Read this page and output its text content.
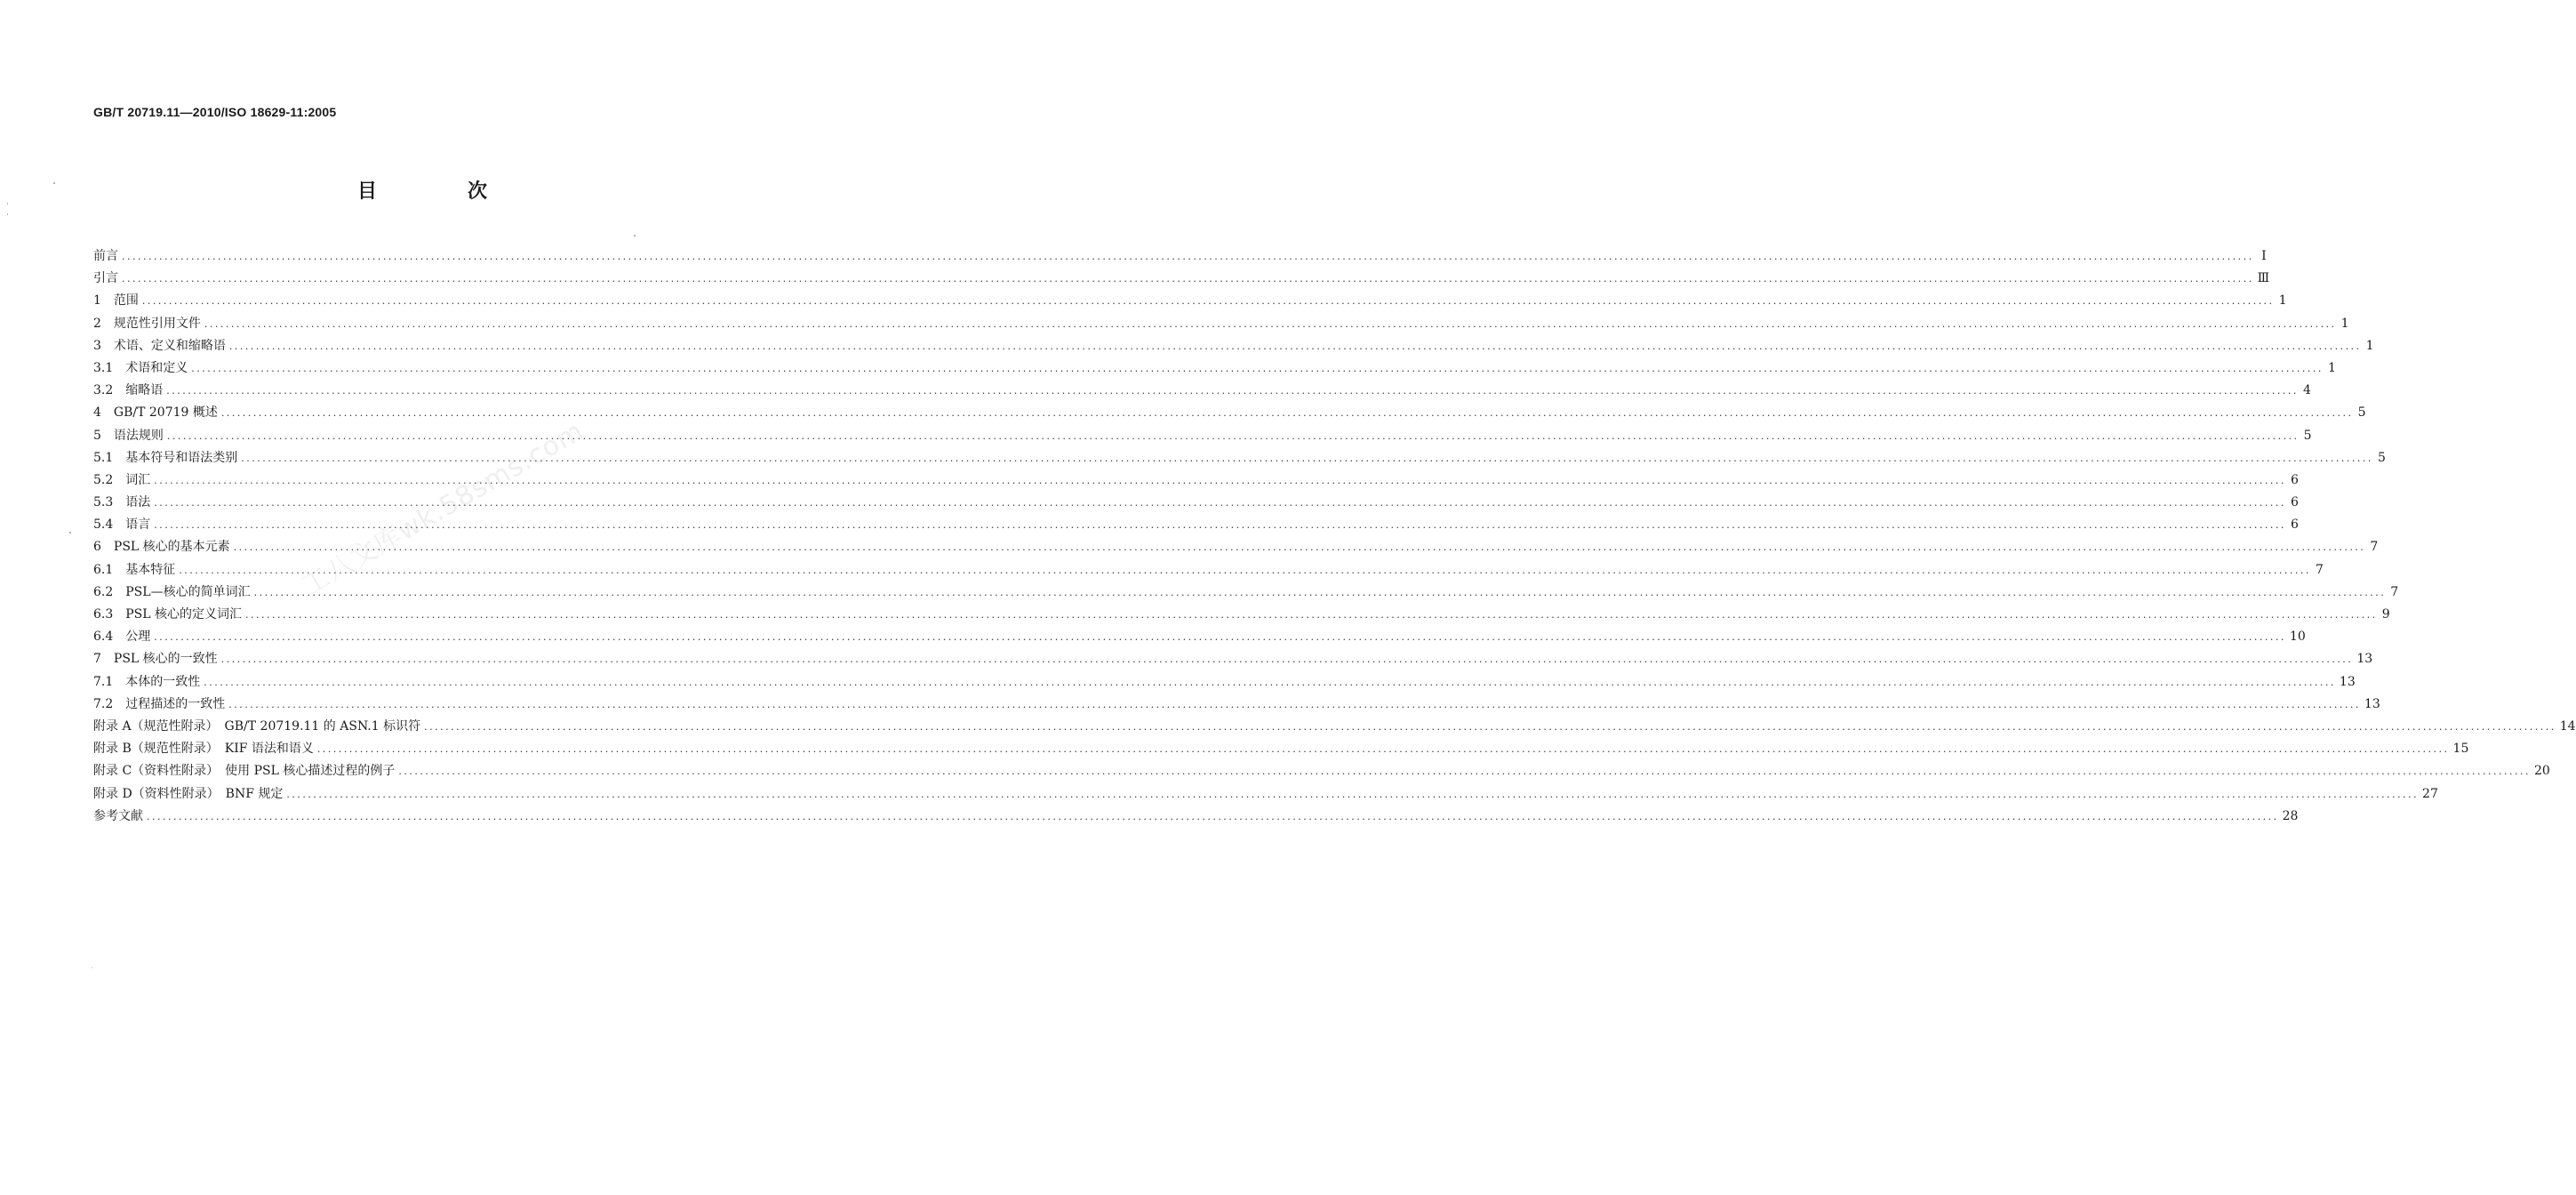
GB/T 20719.11—2010/ISO 18629-11:2005
目　次
工八文库wk.58sms.com
前言 ................................................................................................................................................................................................................................................................................................................................................................................................................ Ⅰ
引言 ................................................................................................................................................................................................................................................................................................................................................................................................................ Ⅲ
1　范围 ................................................................................................................................................................................................................................................................................................................................................................................................................ 1
2　规范性引用文件 ................................................................................................................................................................................................................................................................................................................................................................................................................ 1
3　术语、定义和缩略语 ................................................................................................................................................................................................................................................................................................................................................................................................................ 1
3.1　术语和定义 ................................................................................................................................................................................................................................................................................................................................................................................................................ 1
3.2　缩略语 ................................................................................................................................................................................................................................................................................................................................................................................................................ 4
4　GB/T 20719 概述 ................................................................................................................................................................................................................................................................................................................................................................................................................ 5
5　语法规则 ................................................................................................................................................................................................................................................................................................................................................................................................................ 5
5.1　基本符号和语法类别 ................................................................................................................................................................................................................................................................................................................................................................................................................ 5
5.2　词汇 ................................................................................................................................................................................................................................................................................................................................................................................................................ 6
5.3　语法 ................................................................................................................................................................................................................................................................................................................................................................................................................ 6
5.4　语言 ................................................................................................................................................................................................................................................................................................................................................................................................................ 6
6　PSL 核心的基本元素 ................................................................................................................................................................................................................................................................................................................................................................................................................ 7
6.1　基本特征 ................................................................................................................................................................................................................................................................................................................................................................................................................ 7
6.2　PSL—核心的简单词汇 ................................................................................................................................................................................................................................................................................................................................................................................................................ 7
6.3　PSL 核心的定义词汇 ................................................................................................................................................................................................................................................................................................................................................................................................................ 9
6.4　公理 ................................................................................................................................................................................................................................................................................................................................................................................................................ 10
7　PSL 核心的一致性 ................................................................................................................................................................................................................................................................................................................................................................................................................ 13
7.1　本体的一致性 ................................................................................................................................................................................................................................................................................................................................................................................................................ 13
7.2　过程描述的一致性 ................................................................................................................................................................................................................................................................................................................................................................................................................ 13
附录 A（规范性附录）　GB/T 20719.11 的 ASN.1 标识符 ................................................................................................................................................................................................................................................................................................................................................................................................................ 14
附录 B（规范性附录）　KIF 语法和语义 ................................................................................................................................................................................................................................................................................................................................................................................................................ 15
附录 C（资料性附录）　使用 PSL 核心描述过程的例子 ................................................................................................................................................................................................................................................................................................................................................................................................................ 20
附录 D（资料性附录）　BNF 规定 ................................................................................................................................................................................................................................................................................................................................................................................................................ 27
参考文献 ................................................................................................................................................................................................................................................................................................................................................................................................................ 28
